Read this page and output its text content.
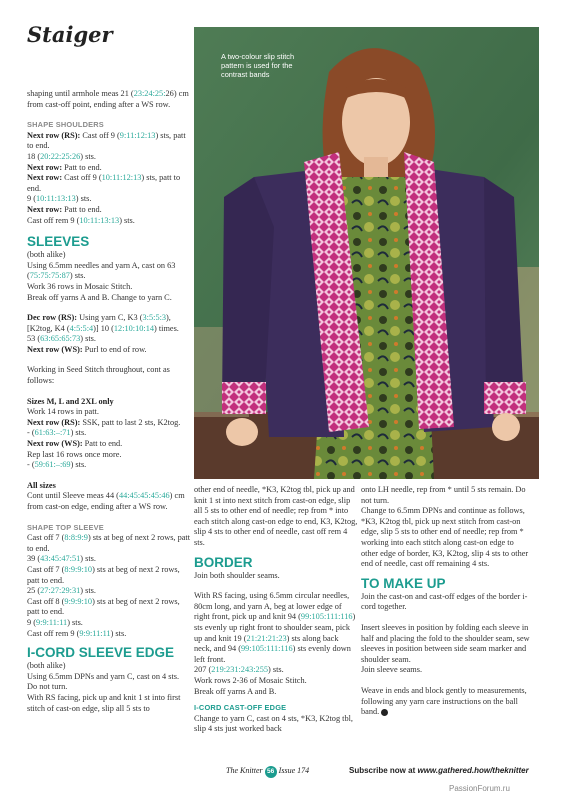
Staiger

shaping until armhole meas 21 (23:24:25:26) cm from cast-off point, ending after a WS row.

SHAPE SHOULDERS

Next row (RS): Cast off 9 (9:11:12:13) sts, patt to end.

18 (20:22:25:26) sts.

Next row: Patt to end.

Next row: Cast off 9 (10:11:12:13) sts, patt to end.

9 (10:11:13:13) sts.

Next row: Patt to end.

Cast off rem 9 (10:11:13:13) sts.

SLEEVES

(both alike)

Using 6.5mm needles and yarn A, cast on 63 (75:75:75:87) sts.

Work 36 rows in Mosaic Stitch.

Break off yarns A and B. Change to yarn C.

Dec row (RS): Using yarn C, K3 (3:5:5:3), [K2tog, K4 (4:5:5:4)] 10 (12:10:10:14) times.

53 (63:65:65:73) sts.

Next row (WS): Purl to end of row.

Working in Seed Stitch throughout, cont as follows:

Sizes M, L and 2XL only

Work 14 rows in patt.

Next row (RS): SSK, patt to last 2 sts, K2tog.

- (61:63:–:71) sts.

Next row (WS): Patt to end.

Rep last 16 rows once more.

- (59:61:–:69) sts.

All sizes

Cont until Sleeve meas 44 (44:45:45:45:46) cm from cast-on edge, ending after a WS row.

SHAPE TOP SLEEVE

Cast off 7 (8:8:9:9) sts at beg of next 2 rows, patt to end.

39 (43:45:47:51) sts.

Cast off 7 (8:9:9:10) sts at beg of next 2 rows, patt to end.

25 (27:27:29:31) sts.

Cast off 8 (9:9:9:10) sts at beg of next 2 rows, patt to end.

9 (9:9:11:11) sts.

Cast off rem 9 (9:9:11:11) sts.

I-CORD SLEEVE EDGE

(both alike)

Using 6.5mm DPNs and yarn C, cast on 4 sts. Do not turn.

With RS facing, pick up and knit 1 st into first stitch of cast-on edge, slip all 5 sts to

A two-colour slip stitch pattern is used for the contrast bands

other end of needle, *K3, K2tog tbl, pick up and knit 1 st into next stitch from cast-on edge, slip all 5 sts to other end of needle; rep from * into each stitch along cast-on edge to end, K3, K2tog, slip 4 sts to other end of needle, cast off rem 4 sts.

BORDER

Join both shoulder seams.

With RS facing, using 6.5mm circular needles, 80cm long, and yarn A, beg at lower edge of right front, pick up and knit 94 (99:105:111:116) sts evenly up right front to shoulder seam, pick up and knit 19 (21:21:21:23) sts along back neck, and 94 (99:105:111:116) sts evenly down left front.

207 (219:231:243:255) sts.

Work rows 2-36 of Mosaic Stitch.

Break off yarns A and B.

I-CORD CAST-OFF EDGE

Change to yarn C, cast on 4 sts, *K3, K2tog tbl, slip 4 sts just worked back

onto LH needle, rep from * until 5 sts remain. Do not turn.

Change to 6.5mm DPNs and continue as follows, *K3, K2tog tbl, pick up next stitch from cast-on edge, slip 5 sts to other end of needle; rep from * working into each stitch along cast-on edge to other edge of border, K3, K2tog, slip 4 sts to other end of needle, cast off remaining 4 sts.

TO MAKE UP

Join the cast-on and cast-off edges of the border i-cord together.

Insert sleeves in position by folding each sleeve in half and placing the fold to the shoulder seam, sew sleeves in position between side seam marker and shoulder seam.

Join sleeve seams.

Weave in ends and block gently to measurements, following any yarn care instructions on the ball band.

The Knitter 56 Issue 174	Subscribe now at www.gathered.how/theknitter
PassionForum.ru
